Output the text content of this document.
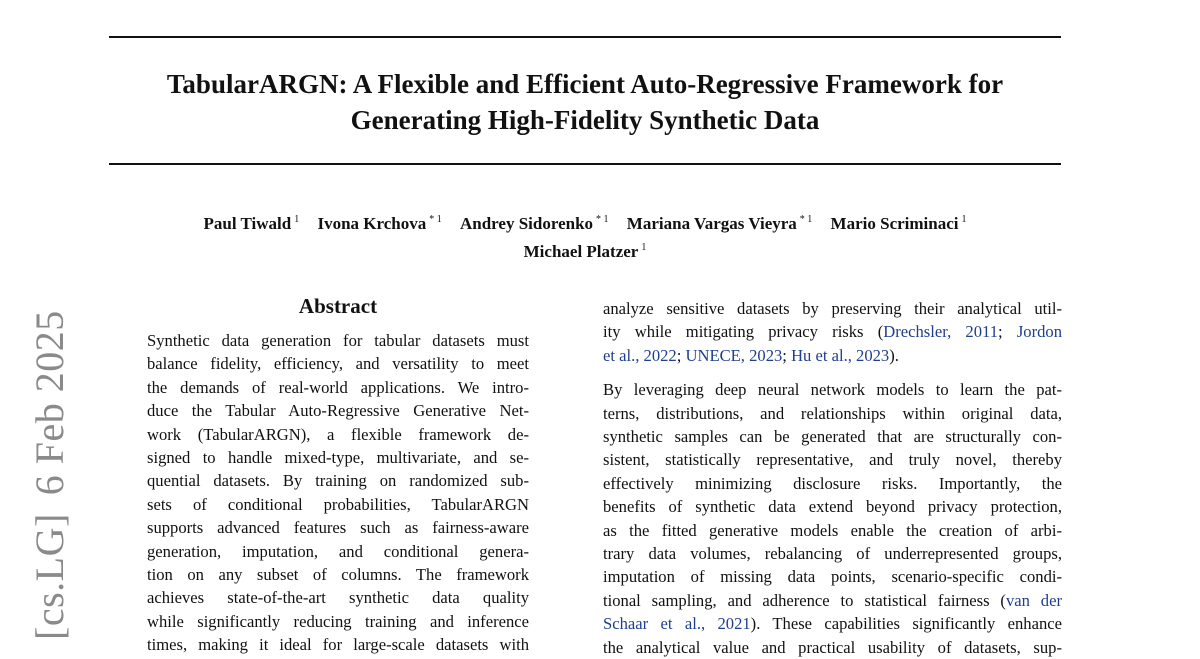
TabularARGN: A Flexible and Efficient Auto-Regressive Framework for
Generating High-Fidelity Synthetic Data
Paul Tiwald $^1$ Ivona Krchova $^{* 1}$ Andrey Sidorenko $^{* 1}$ Mariana Vargas Vieyra $^{* 1}$ Mario Scriminaci $^1$
Michael Platzer $^1$
[cs.LG]6 Feb 2025
Abstract
Synthetic data generation for tabular datasets must
balance fidelity, efficiency, and versatility to meet
the demands of real-world applications. We intro-
duce the Tabular Auto-Regressive Generative Net-
work (TabularARGN), a flexible framework de-
signed to handle mixed-type, multivariate, and se-
quential datasets. By training on randomized sub-
sets of conditional probabilities, TabularARGN
supports advanced features such as fairness-aware
generation, imputation, and conditional genera-
tion on any subset of columns. The framework
achieves state-of-the-art synthetic data quality
while significantly reducing training and inference
times, making it ideal for large-scale datasets with
analyze sensitive datasets by preserving their analytical util-
ity while mitigating privacy risks (Drechsler, 2011; Jordon
et al., 2022; UNECE, 2023; Hu et al., 2023).
By leveraging deep neural network models to learn the pat-
terns, distributions, and relationships within original data,
synthetic samples can be generated that are structurally con-
sistent, statistically representative, and truly novel, thereby
effectively minimizing disclosure risks. Importantly, the
benefits of synthetic data extend beyond privacy protection,
as the fitted generative models enable the creation of arbi-
trary data volumes, rebalancing of underrepresented groups,
imputation of missing data points, scenario-specific condi-
tional sampling, and adherence to statistical fairness (van der
Schaar et al., 2021). These capabilities significantly enhance
the analytical value and practical usability of datasets, sup-
